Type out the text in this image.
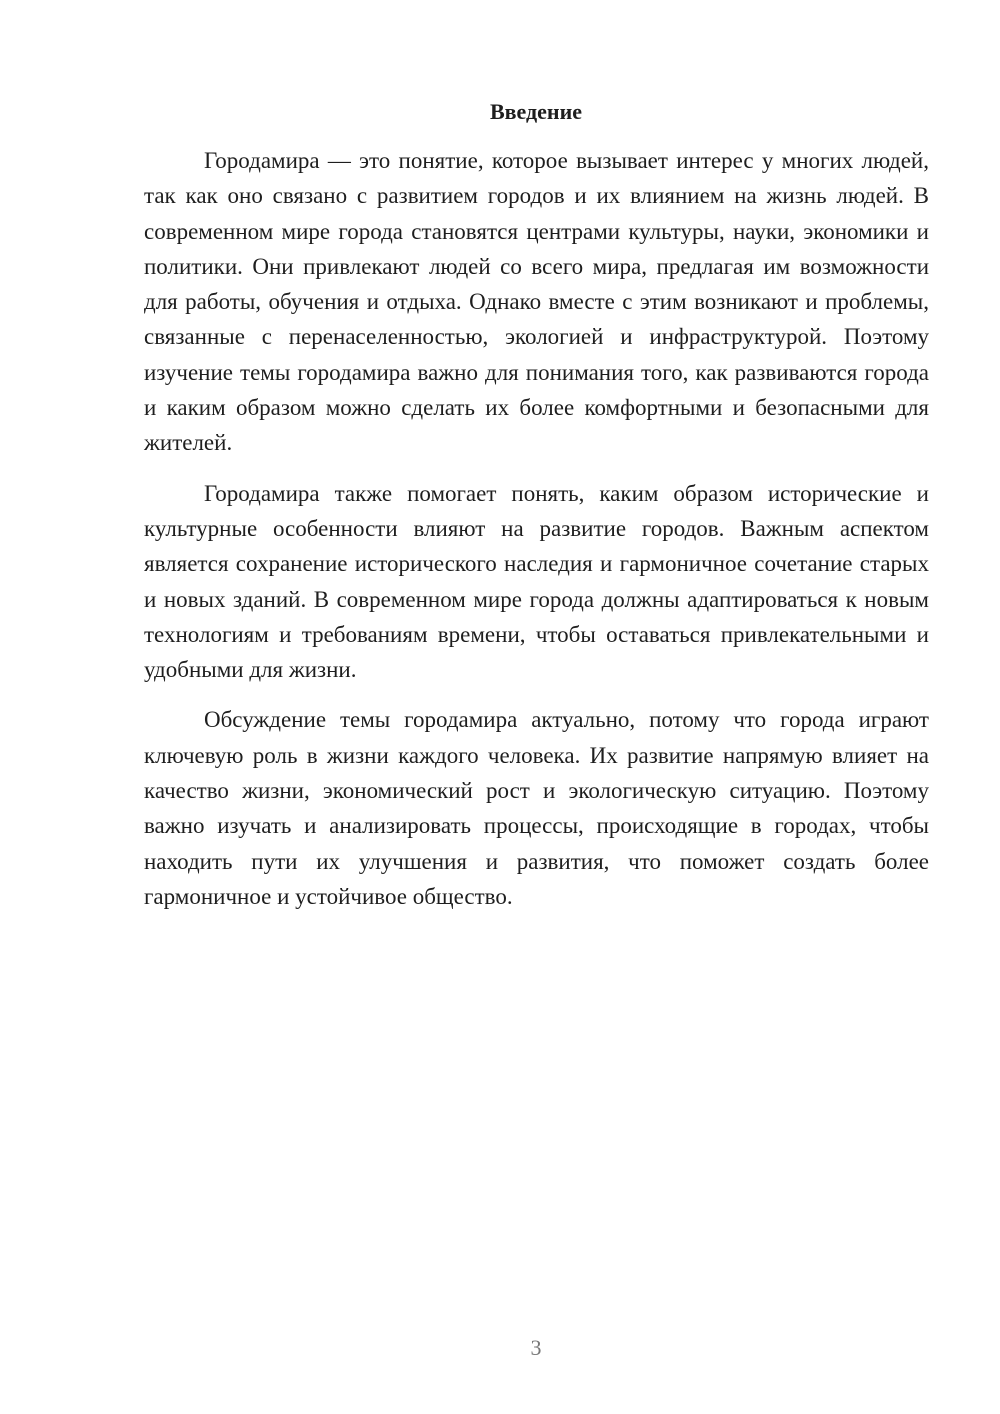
Введение

Городамира — это понятие, которое вызывает интерес у многих людей, так как оно связано с развитием городов и их влиянием на жизнь людей. В современном мире города становятся центрами культуры, науки, экономики и политики. Они привлекают людей со всего мира, предлагая им возможности для работы, обучения и отдыха. Однако вместе с этим возникают и проблемы, связанные с перенаселенностью, экологией и инфраструктурой. Поэтому изучение темы городамира важно для понимания того, как развиваются города и каким образом можно сделать их более комфортными и безопасными для жителей.

Городамира также помогает понять, каким образом исторические и культурные особенности влияют на развитие городов. Важным аспектом является сохранение исторического наследия и гармоничное сочетание старых и новых зданий. В современном мире города должны адаптироваться к новым технологиям и требованиям времени, чтобы оставаться привлекательными и удобными для жизни.

Обсуждение темы городамира актуально, потому что города играют ключевую роль в жизни каждого человека. Их развитие напрямую влияет на качество жизни, экономический рост и экологическую ситуацию. Поэтому важно изучать и анализировать процессы, происходящие в городах, чтобы находить пути их улучшения и развития, что поможет создать более гармоничное и устойчивое общество.

3
